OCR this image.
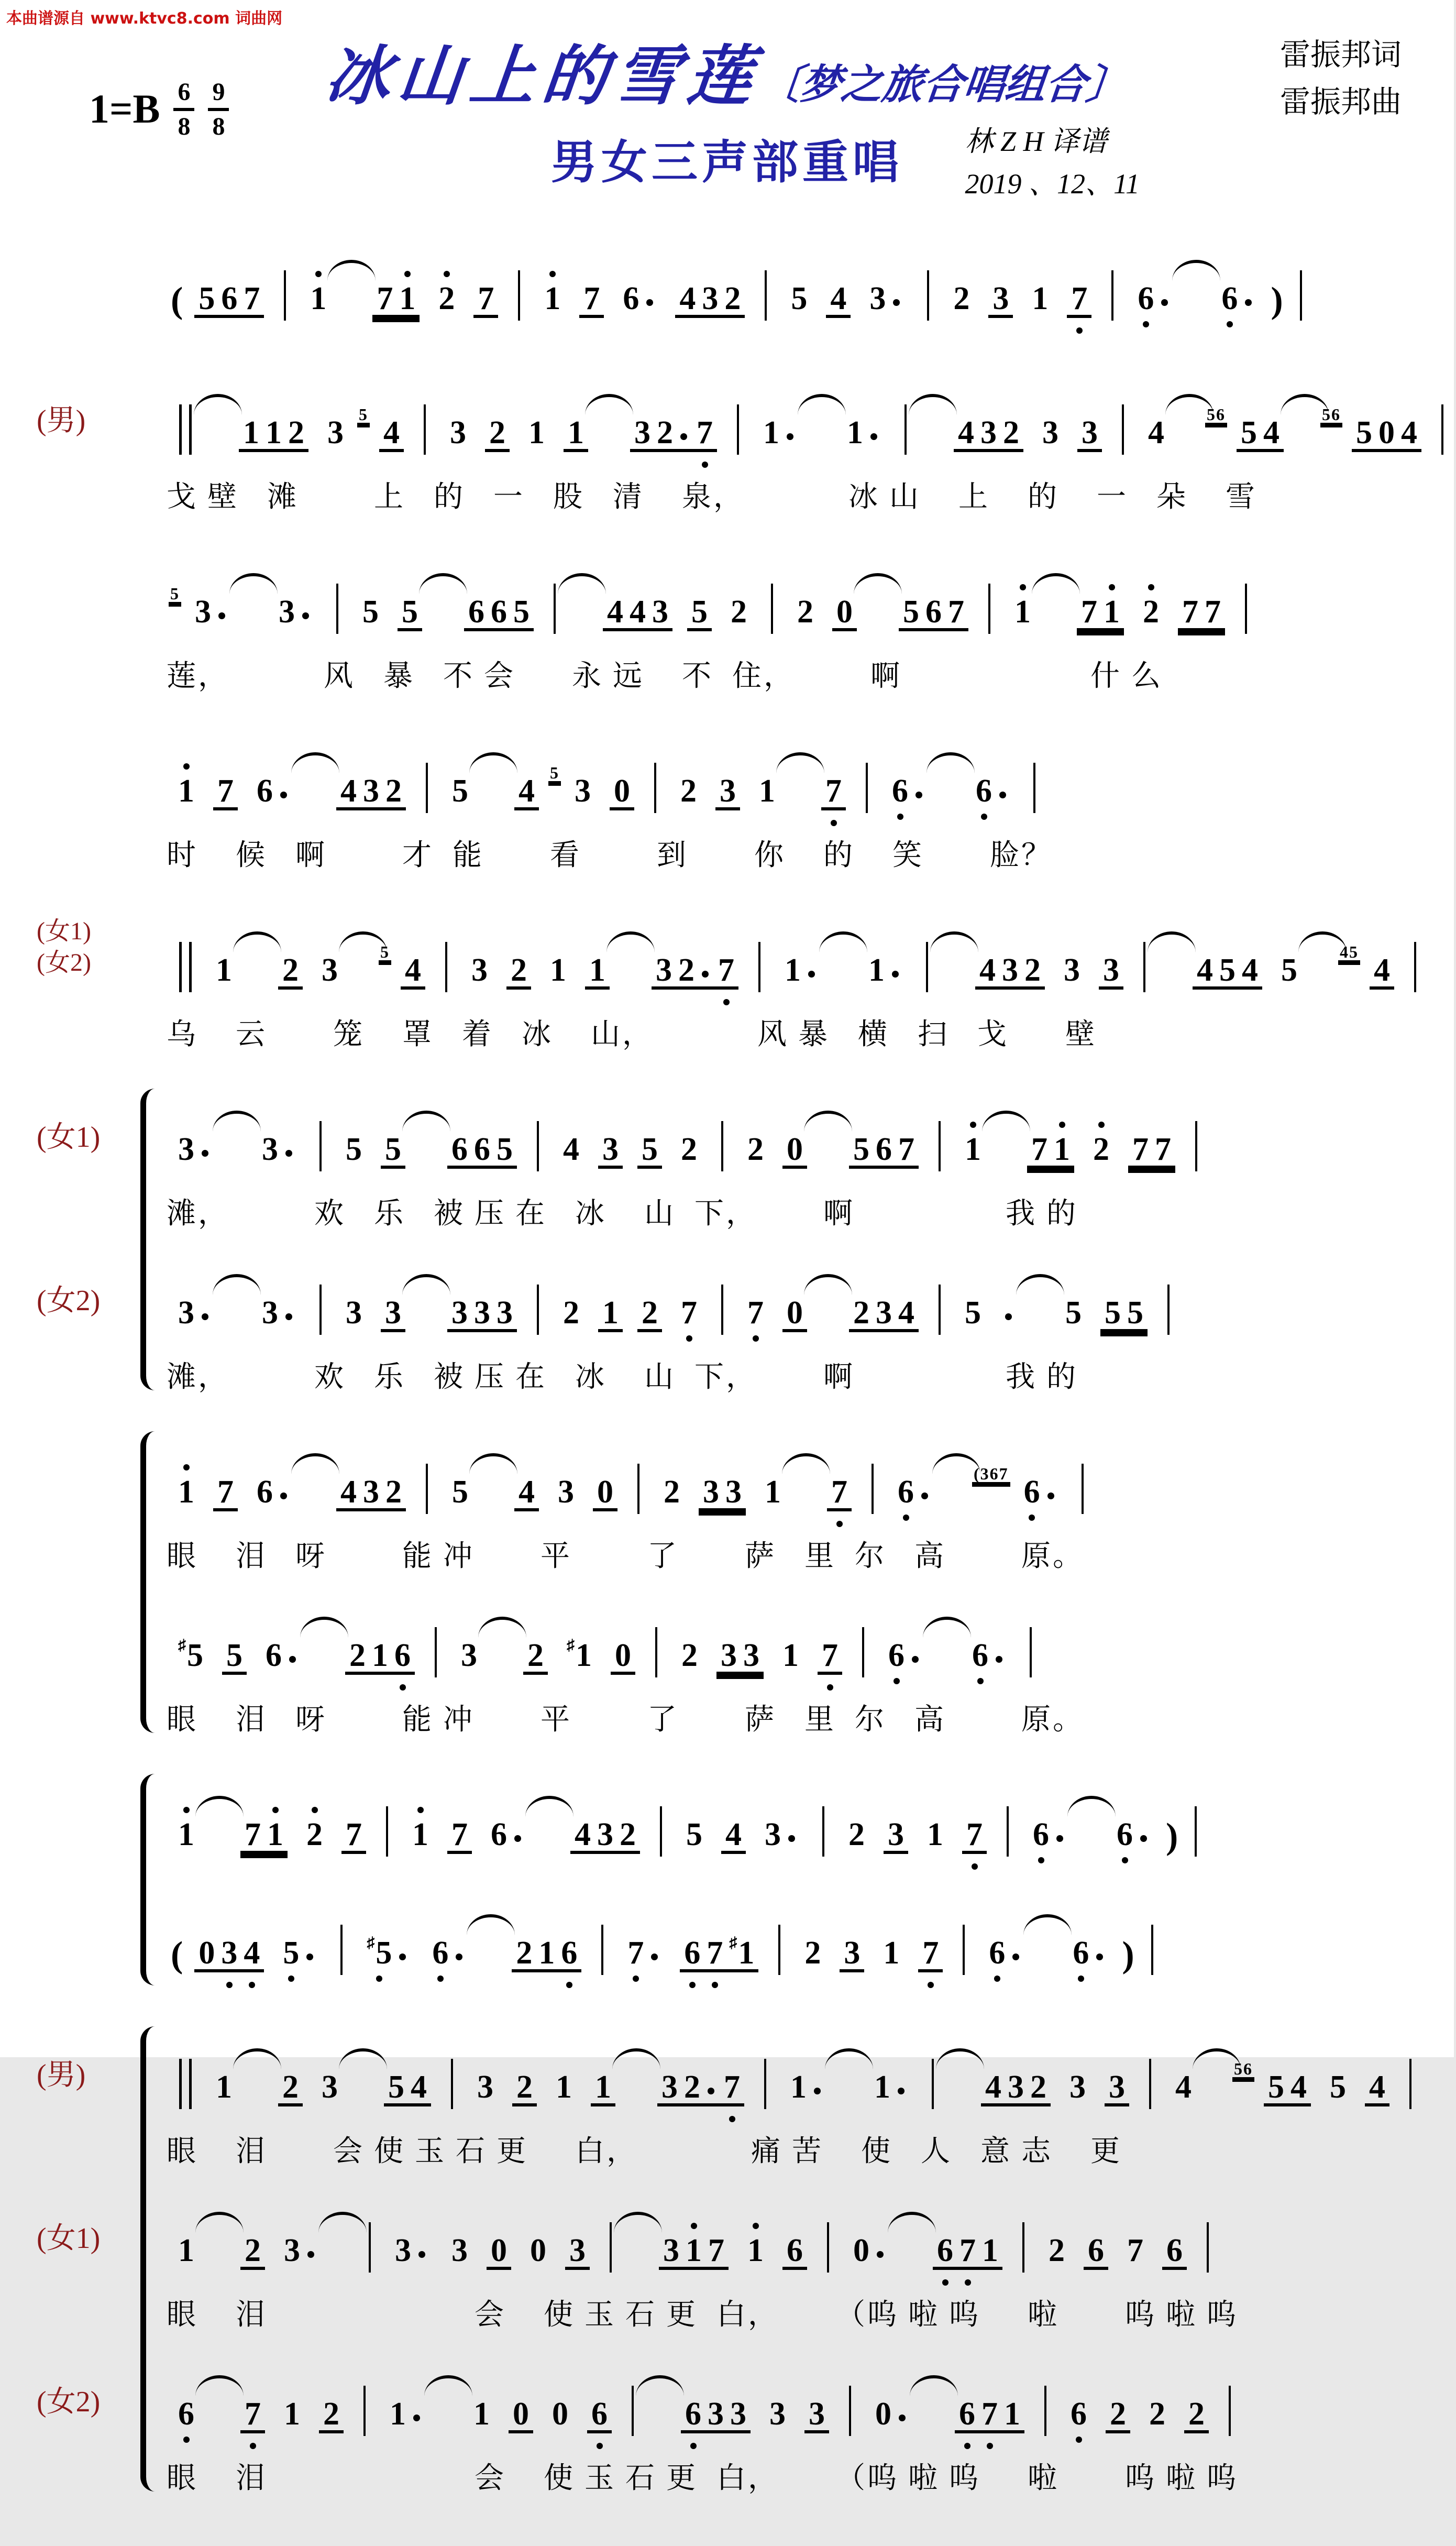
本曲谱源自 www.ktvc8.com 词曲网
$1=B \frac{6}{8} \frac{9}{8}$	冰山上的雪莲〔梦之旅合唱组合〕
男女三声部重唱
雷振邦词
雷振邦曲
林 Z H 译谱
2019 、12、11
( 5 6 7 1 7 1 2 7 1 7 6 4 3 2 5 4 3 2 3 1 7 6 6 )
(男)	1 1 2 354 3 2 1 1 3 2 7 1 1	4 3 2 3 3 4565 4565 0 4
戈 壁   滩        上   的   一   股   清    泉，           冰 山    上    的    一   朵    雪
53 3 5 5 6 6 5 4 4 3 5 2 2 0 5 6 7 1 7 1 2 7 7
莲，          风   暴   不 会      永 远    不  住，        啊                    什 么
1 7 6 4 3 2 5 453 0 2 3 1 7 6 6
时    候   啊        才  能       看        到       你    的    笑       脸？
(女1)
(女2)	1 2 354 3 2 1 1 3 2 7 1 1	4 3 2 3 3 4 5 4 5454
乌    云       笼    罩   着   冰    山，           风 暴   横   扫   戈      壁
(女1)	3 3 5 5 6 6 5 4 3 5 2 2 0 5 6 7 1 7 1 2 7 7
滩，         欢   乐   被 压 在   冰    山  下，       啊                我 的
(女2)	3 3 3 3 3 3 3 2 1 2 7 7 0 2 3 4 5	5 5 5
滩，         欢   乐   被 压 在   冰    山  下，       啊                我 的
1 7 6 4 3 2 5 4 3 0 2 3 3 1 7 6
(3676
眼    泪   呀        能 冲       平        了       萨   里  尔   高        原。
♯5 5 6 2 1 6 3 2 ♯1 0 2 3 3 1 7 6 6
眼    泪   呀        能 冲       平        了       萨   里  尔   高        原。
1 7 1 2 7 1 7 6 4 3 2 5 4 3 2 3 1 7 6 6 )
( 0 3 4 5	♯5 6 2 1 6 7 6 7 ♯1 2 3 1 7 6 6 )
(男)	1 2 3 5 4 3 2 1 1 3 2 7 1 1	4 3 2 3 3 4565 4 5 4
眼    泪       会 使 玉 石 更     白，            痛 苦    使   人   意 志    更
(女1)	1 2 3	3 3 0 0 3 3 1 7 1 6 0 6 7 1 2 6 7 6
眼    泪                      会    使 玉 石 更  白，      （呜 啦 呜     啦       呜 啦 呜
(女2)	6 7 1 2 1 1 0 0 6 6 3 3 3 3 0 6 7 1 6 2 2 2
眼    泪                      会    使 玉 石 更  白，      （呜 啦 呜     啦       呜 啦 呜
